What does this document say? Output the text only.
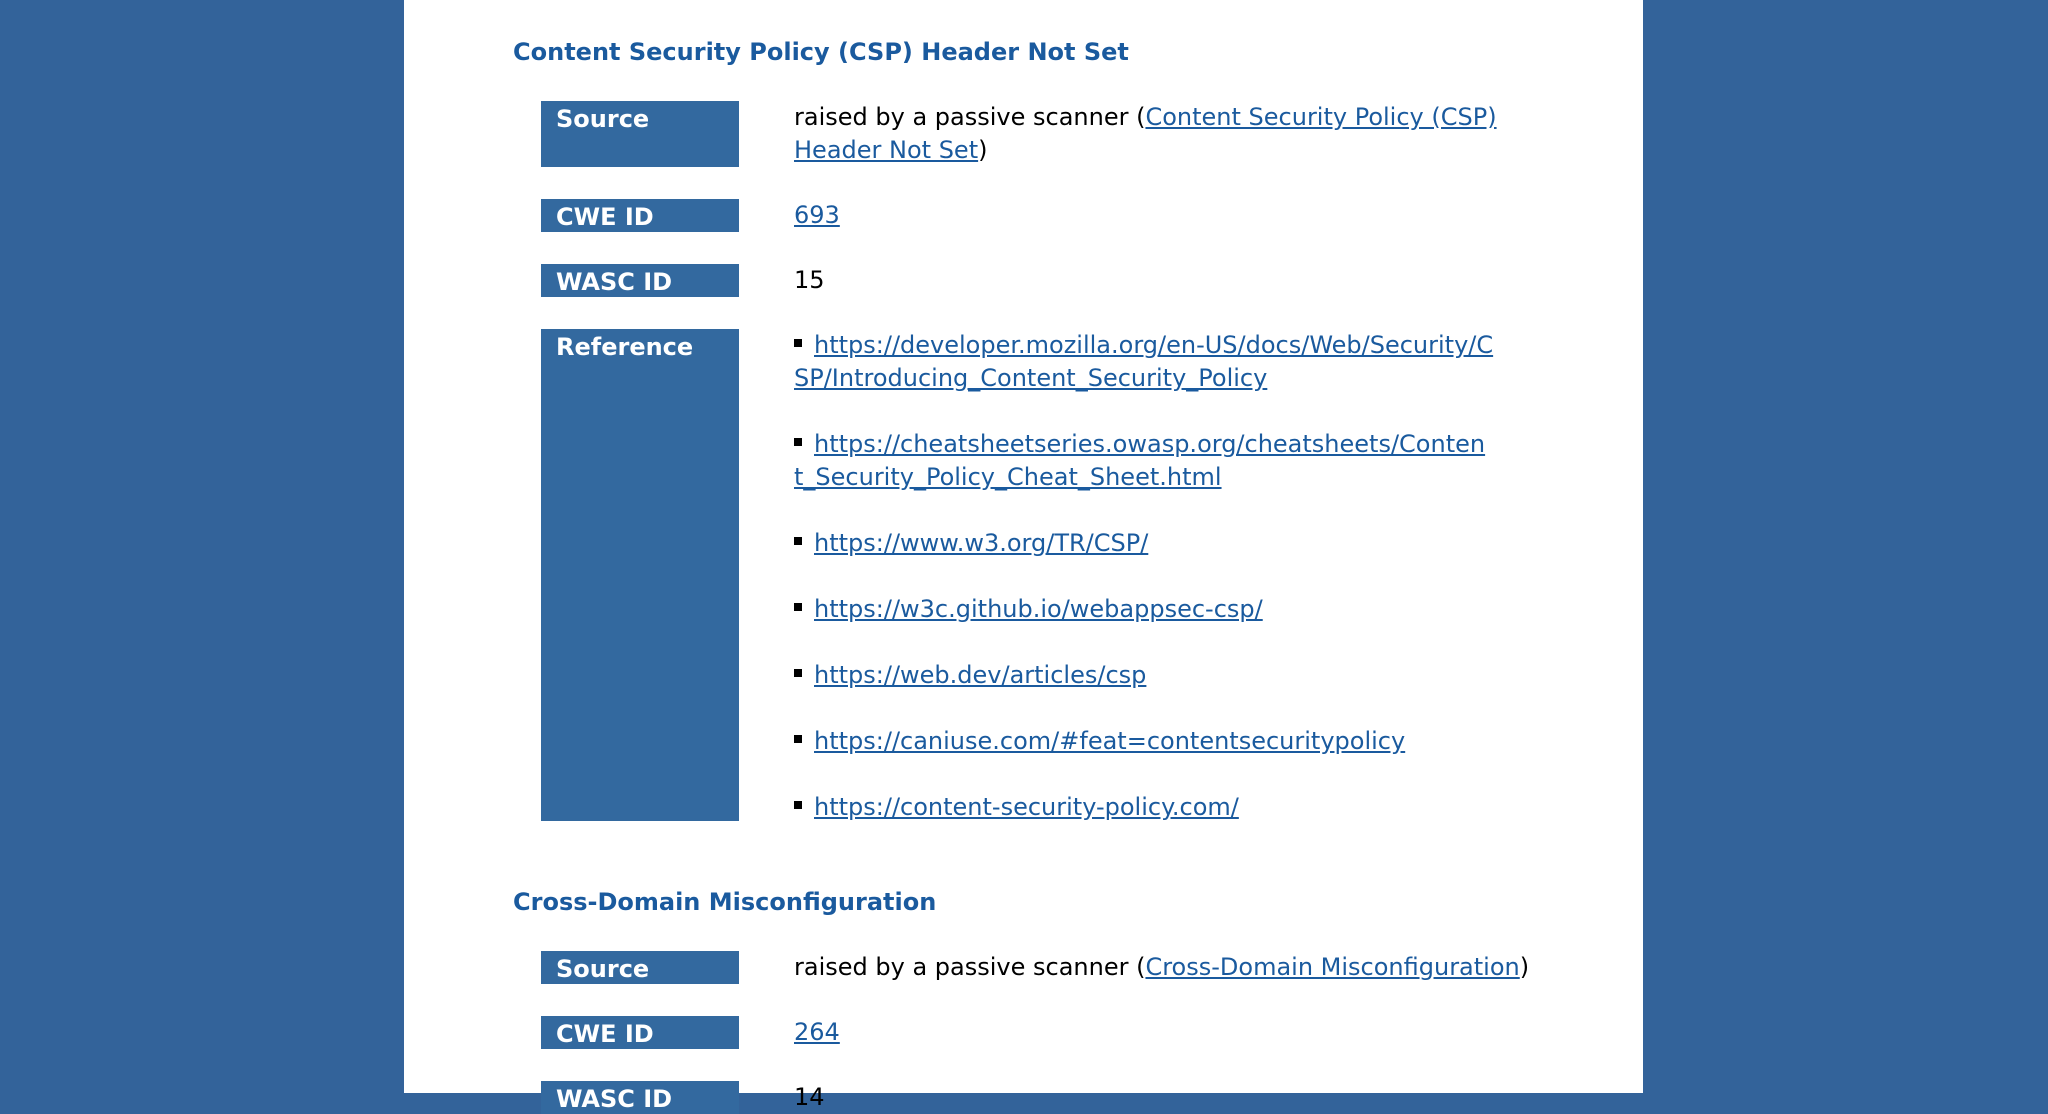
Content Security Policy (CSP) Header Not Set
Source	raised by a passive scanner (Content Security Policy (CSP) Header Not Set)
CWE ID	693
WASC ID	15
Reference	https://developer.mozilla.org/en-US/docs/Web/Security/CSP/Introducing_Content_Security_Policy
https://cheatsheetseries.owasp.org/cheatsheets/Content_Security_Policy_Cheat_Sheet.html
https://www.w3.org/TR/CSP/
https://w3c.github.io/webappsec-csp/
https://web.dev/articles/csp
https://caniuse.com/#feat=contentsecuritypolicy
https://content-security-policy.com/
Cross-Domain Misconfiguration
Source	raised by a passive scanner (Cross-Domain Misconfiguration)
CWE ID	264
WASC ID	14
